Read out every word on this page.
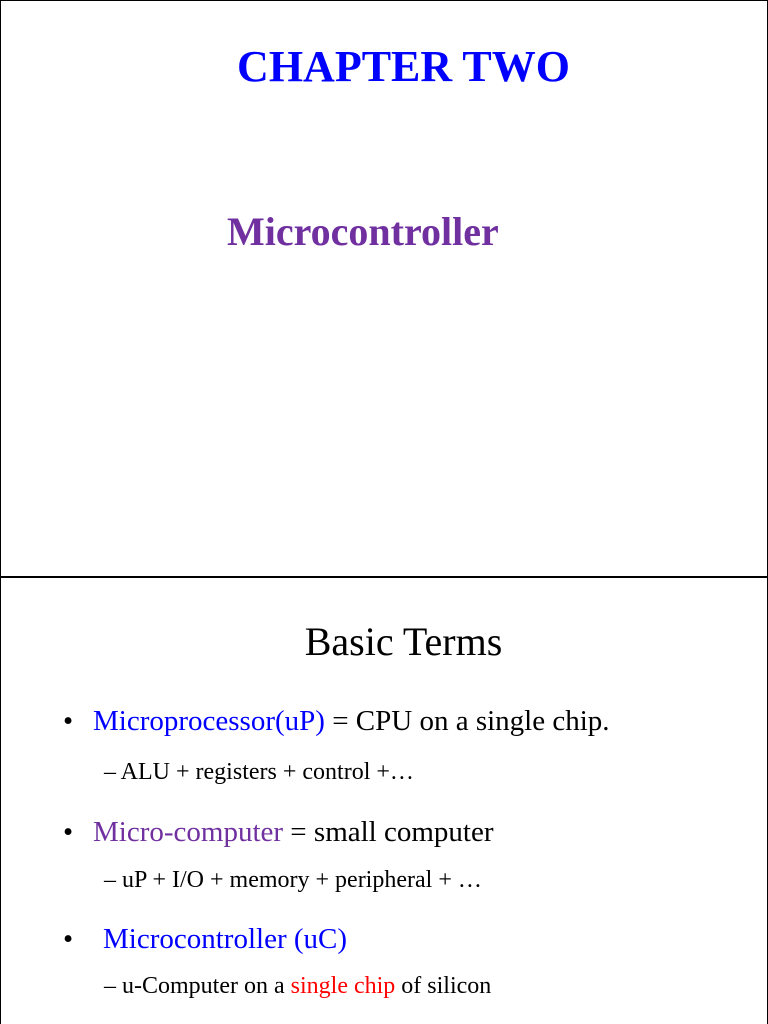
CHAPTER TWO
Microcontroller
Basic Terms
• Microprocessor(uP) = CPU on a single chip.
– ALU + registers + control +…
• Micro-computer = small computer
– uP + I/O + memory + peripheral + …
• Microcontroller (uC)
– u-Computer on a single chip of silicon
